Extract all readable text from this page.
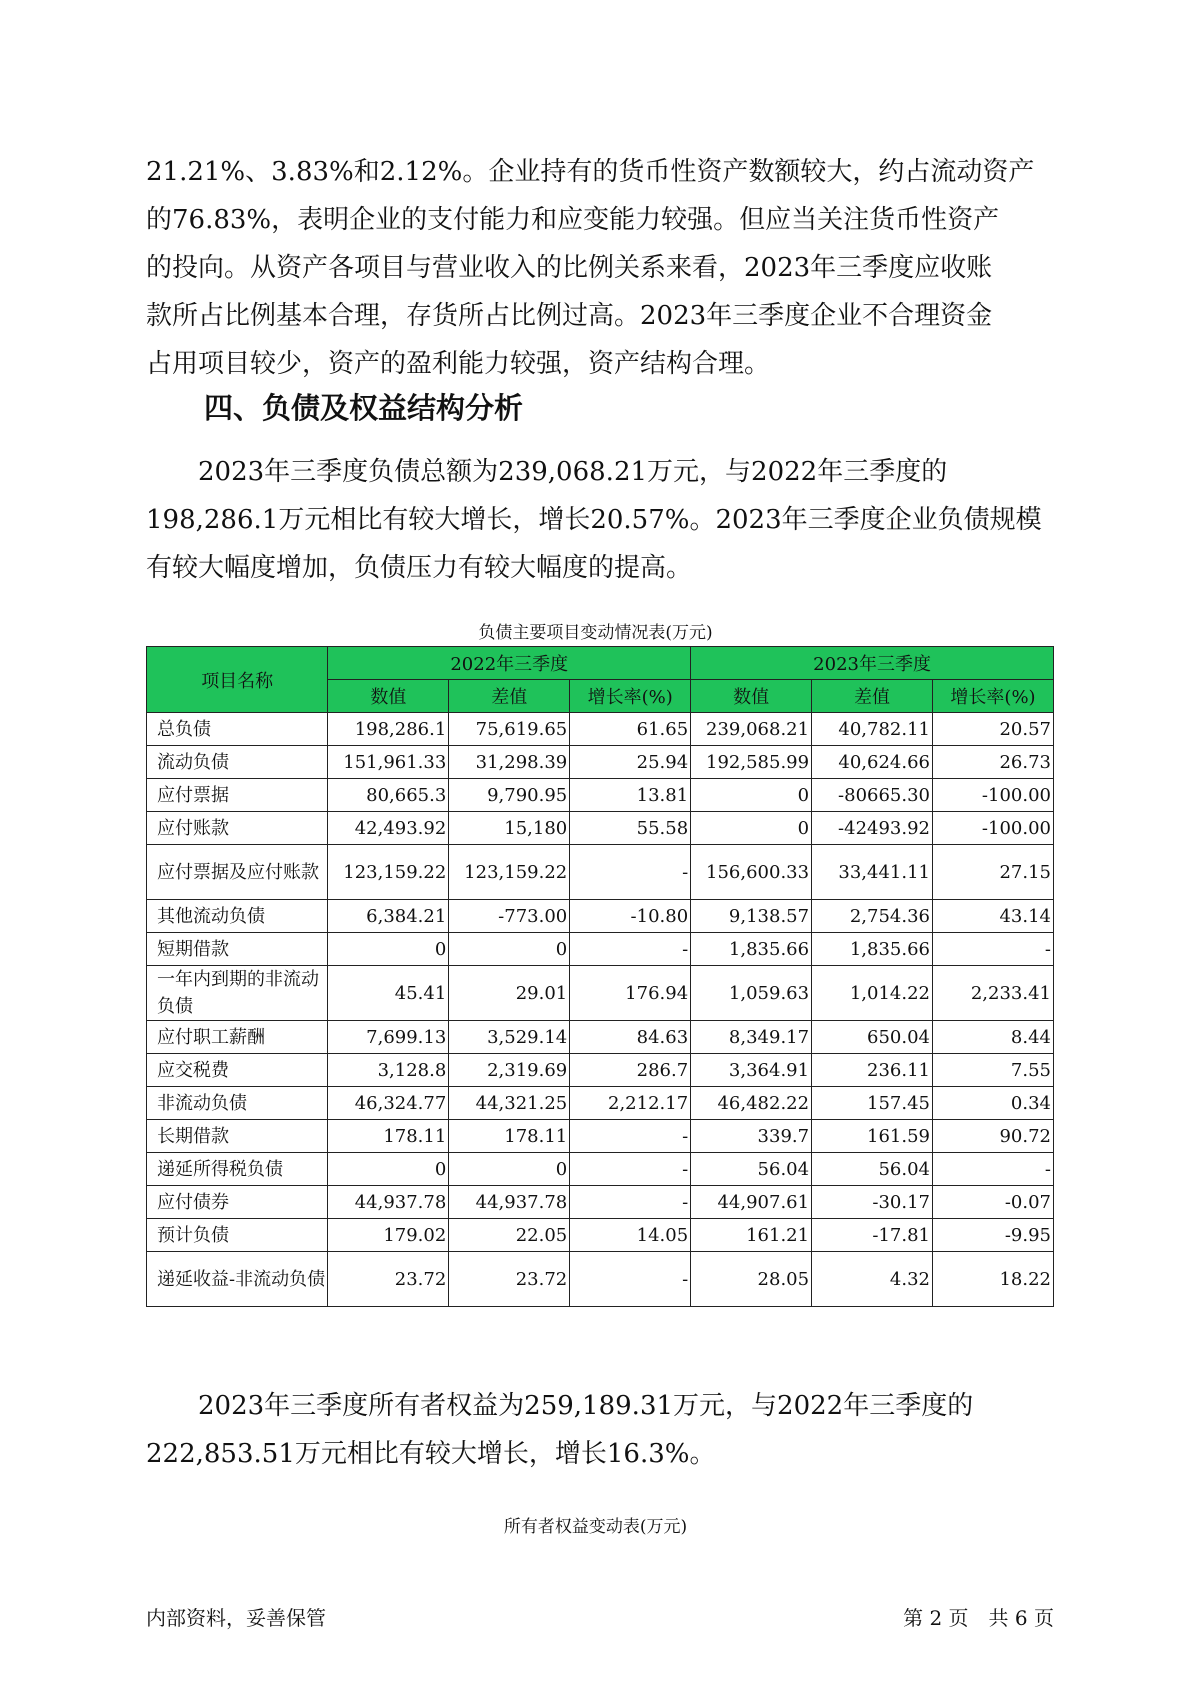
21.21%、3.83%和2.12%。企业持有的货币性资产数额较大，约占流动资产
的76.83%，表明企业的支付能力和应变能力较强。但应当关注货币性资产
的投向。从资产各项目与营业收入的比例关系来看，2023年三季度应收账
款所占比例基本合理，存货所占比例过高。2023年三季度企业不合理资金
占用项目较少，资产的盈利能力较强，资产结构合理。
四、负债及权益结构分析
　　2023年三季度负债总额为239,068.21万元，与2022年三季度的
198,286.1万元相比有较大增长，增长20.57%。2023年三季度企业负债规模
有较大幅度增加，负债压力有较大幅度的提高。

负债主要项目变动情况表(万元)

项目名称	2022年三季度			2023年三季度		
	数值	差值	增长率(%)	数值	差值	增长率(%)
总负债	198,286.1	75,619.65	61.65	239,068.21	40,782.11	20.57
流动负债	151,961.33	31,298.39	25.94	192,585.99	40,624.66	26.73
应付票据	80,665.3	9,790.95	13.81	0	-80665.30	-100.00
应付账款	42,493.92	15,180	55.58	0	-42493.92	-100.00
应付票据及应付账款	123,159.22	123,159.22	-	156,600.33	33,441.11	27.15
其他流动负债	6,384.21	-773.00	-10.80	9,138.57	2,754.36	43.14
短期借款	0	0	-	1,835.66	1,835.66	-
一年内到期的非流动负债	45.41	29.01	176.94	1,059.63	1,014.22	2,233.41
应付职工薪酬	7,699.13	3,529.14	84.63	8,349.17	650.04	8.44
应交税费	3,128.8	2,319.69	286.7	3,364.91	236.11	7.55
非流动负债	46,324.77	44,321.25	2,212.17	46,482.22	157.45	0.34
长期借款	178.11	178.11	-	339.7	161.59	90.72
递延所得税负债	0	0	-	56.04	56.04	-
应付债券	44,937.78	44,937.78	-	44,907.61	-30.17	-0.07
预计负债	179.02	22.05	14.05	161.21	-17.81	-9.95
递延收益-非流动负债	23.72	23.72	-	28.05	4.32	18.22
　　2023年三季度所有者权益为259,189.31万元，与2022年三季度的
222,853.51万元相比有较大增长，增长16.3%。

所有者权益变动表(万元)

内部资料，妥善保管	第 2 页　共 6 页
